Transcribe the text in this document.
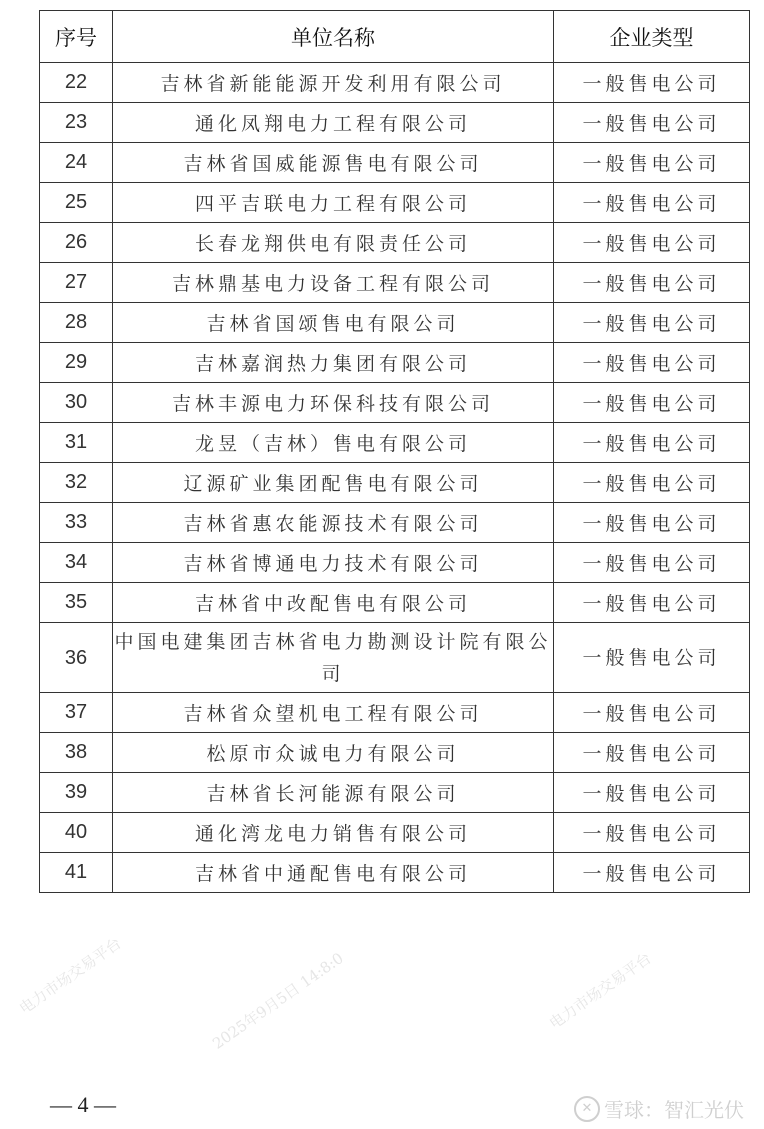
2025年9月5日 14:8:0	电力市场交易平台
电力市场交易平台
序号	单位名称	企业类型
22	吉林省新能能源开发利用有限公司	一般售电公司
23	通化凤翔电力工程有限公司	一般售电公司
24	吉林省国威能源售电有限公司	一般售电公司
25	四平吉联电力工程有限公司	一般售电公司
26	长春龙翔供电有限责任公司	一般售电公司
27	吉林鼎基电力设备工程有限公司	一般售电公司
28	吉林省国颂售电有限公司	一般售电公司
29	吉林嘉润热力集团有限公司	一般售电公司
30	吉林丰源电力环保科技有限公司	一般售电公司
31	龙昱（吉林）售电有限公司	一般售电公司
32	辽源矿业集团配售电有限公司	一般售电公司
33	吉林省惠农能源技术有限公司	一般售电公司
34	吉林省博通电力技术有限公司	一般售电公司
35	吉林省中改配售电有限公司	一般售电公司
36	中国电建集团吉林省电力勘测设计院有限公司	一般售电公司
37	吉林省众望机电工程有限公司	一般售电公司
38	松原市众诚电力有限公司	一般售电公司
39	吉林省长河能源有限公司	一般售电公司
40	通化湾龙电力销售有限公司	一般售电公司
41	吉林省中通配售电有限公司	一般售电公司
— 4 —	✕ 雪球：智汇光伏
